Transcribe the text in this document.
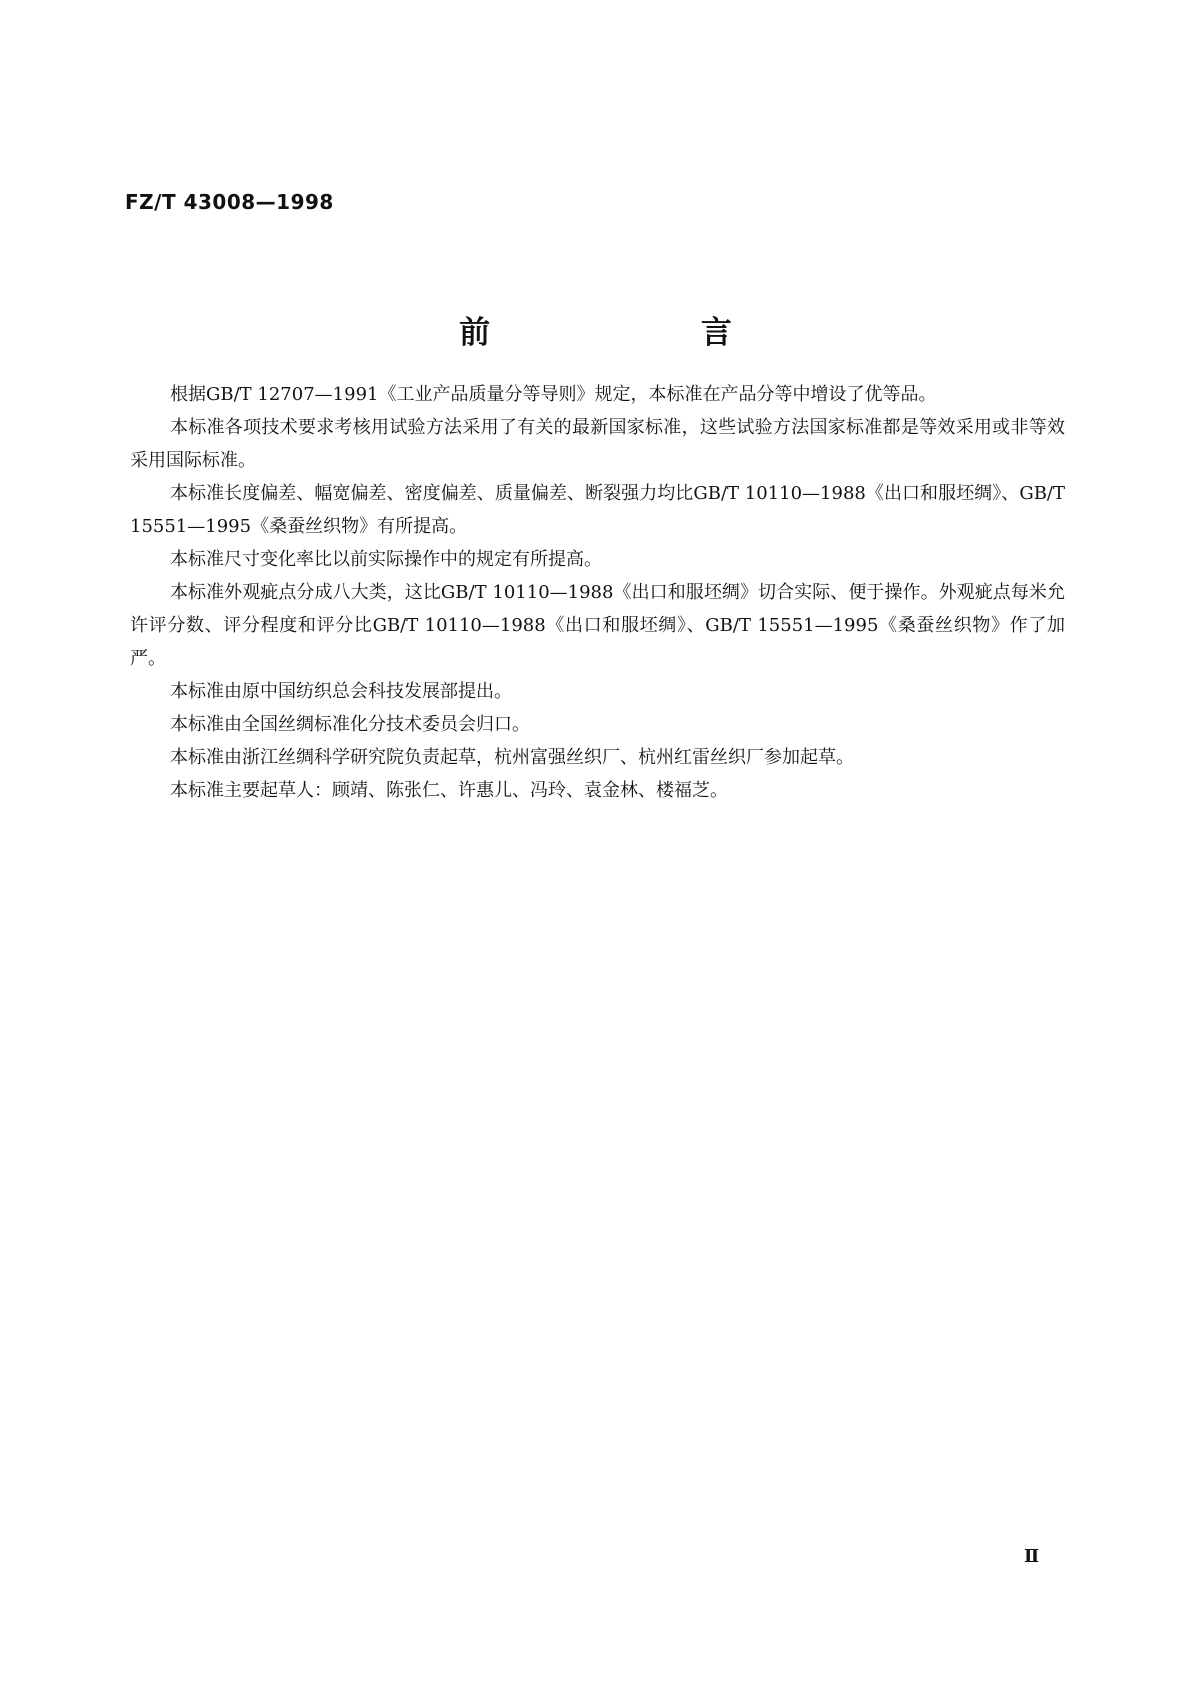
FZ/T 43008—1998
前 言

根据GB/T 12707—1991《工业产品质量分等导则》规定，本标准在产品分等中增设了优等品。

本标准各项技术要求考核用试验方法采用了有关的最新国家标准，这些试验方法国家标准都是等效采用或非等效采用国际标准。

本标准长度偏差、幅宽偏差、密度偏差、质量偏差、断裂强力均比GB/T 10110—1988《出口和服坯绸》、GB/T 15551—1995《桑蚕丝织物》有所提高。

本标准尺寸变化率比以前实际操作中的规定有所提高。

本标准外观疵点分成八大类，这比GB/T 10110—1988《出口和服坯绸》切合实际、便于操作。外观疵点每米允许评分数、评分程度和评分比GB/T 10110—1988《出口和服坯绸》、GB/T 15551—1995《桑蚕丝织物》作了加严。

本标准由原中国纺织总会科技发展部提出。

本标准由全国丝绸标准化分技术委员会归口。

本标准由浙江丝绸科学研究院负责起草，杭州富强丝织厂、杭州红雷丝织厂参加起草。

本标准主要起草人：顾靖、陈张仁、许惠儿、冯玲、袁金林、楼福芝。

Ⅱ
